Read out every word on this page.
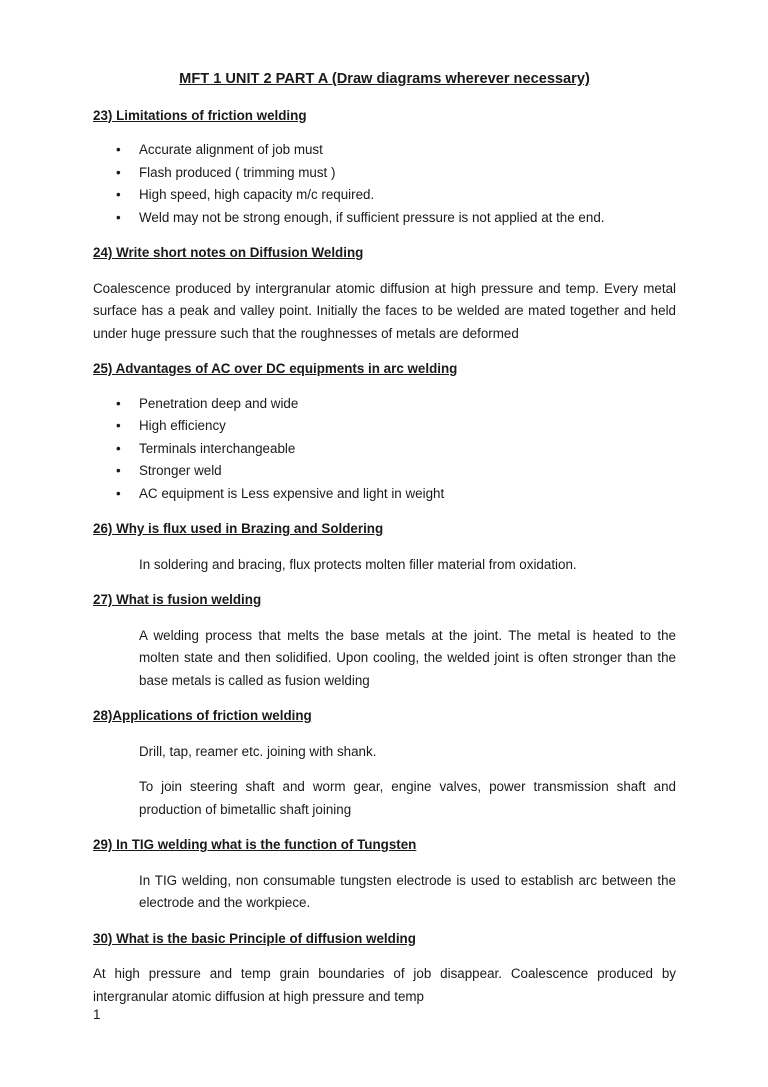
MFT 1 UNIT 2 PART A (Draw diagrams wherever necessary)

23) Limitations of friction welding

• Accurate alignment of job must
• Flash produced ( trimming must )
• High speed, high capacity m/c required.
• Weld may not be strong enough, if sufficient pressure is not applied at the end.

24) Write short notes on Diffusion Welding

Coalescence produced by intergranular atomic diffusion at high pressure and temp. Every metal surface has a peak and valley point. Initially the faces to be welded are mated together and held under huge pressure such that the roughnesses of metals are deformed

25) Advantages of AC over DC equipments in arc welding

• Penetration deep and wide
• High efficiency
• Terminals interchangeable
• Stronger weld
• AC equipment is Less expensive and light in weight

26) Why is flux used in Brazing and Soldering

In soldering and bracing, flux protects molten filler material from oxidation.

27) What is fusion welding

A welding process that melts the base metals at the joint. The metal is heated to the molten state and then solidified. Upon cooling, the welded joint is often stronger than the base metals is called as fusion welding

28)Applications of friction welding

Drill, tap, reamer etc. joining with shank.

To join steering shaft and worm gear, engine valves, power transmission shaft and production of bimetallic shaft joining

29) In TIG welding what is the function of Tungsten

In TIG welding, non consumable tungsten electrode is used to establish arc between the electrode and the workpiece.

30) What is the basic Principle of diffusion welding

At high pressure and temp grain boundaries of job disappear. Coalescence produced by intergranular atomic diffusion at high pressure and temp

1
